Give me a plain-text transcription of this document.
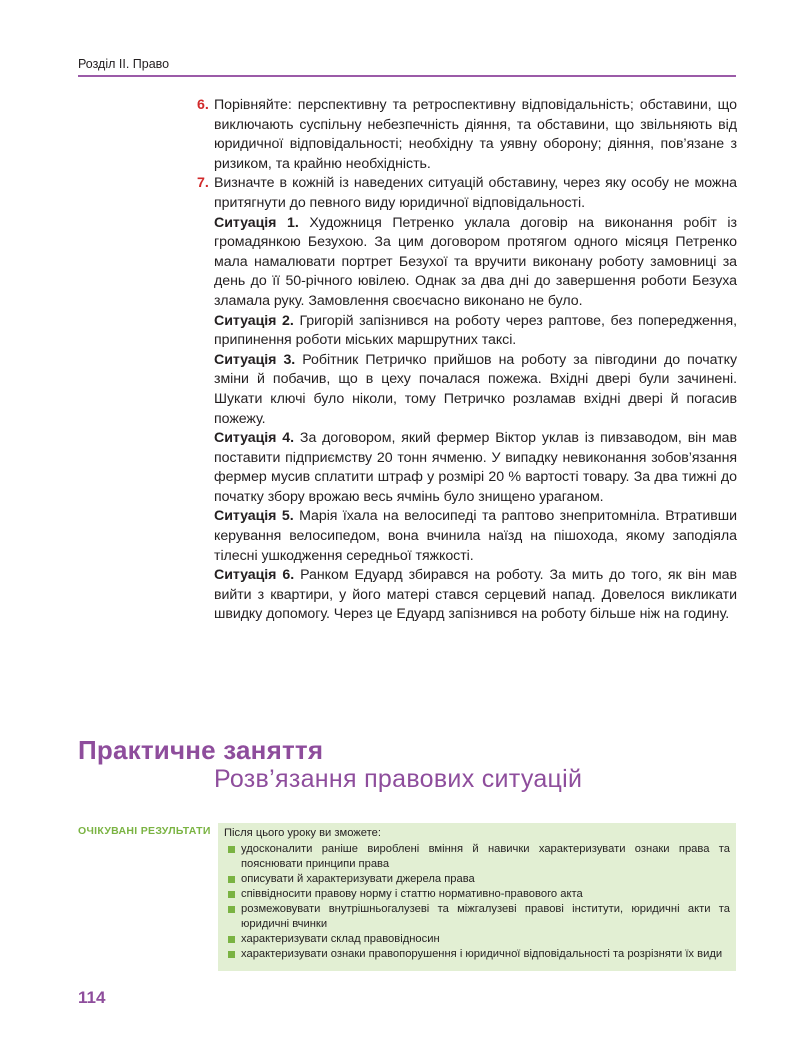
Розділ ІІ. Право
6. Порівняйте: перспективну та ретроспективну відповідальність; обставини, що виключають суспільну небезпечність діяння, та обставини, що звільняють від юридичної відповідальності; необхідну та уявну оборону; діяння, пов’язане з ризиком, та крайню необхідність.
7. Визначте в кожній із наведених ситуацій обставину, через яку особу не можна притягнути до певного виду юридичної відповідальності.
Ситуація 1. Художниця Петренко уклала договір на виконання робіт із громадянкою Безухою. За цим договором протягом одного місяця Петренко мала намалювати портрет Безухої та вручити виконану роботу замовниці за день до її 50-річного ювілею. Однак за два дні до завершення роботи Безуха зламала руку. Замовлення своєчасно виконано не було.
Ситуація 2. Григорій запізнився на роботу через раптове, без попередження, припинення роботи міських маршрутних таксі.
Ситуація 3. Робітник Петричко прийшов на роботу за півгодини до початку зміни й побачив, що в цеху почалася пожежа. Вхідні двері були зачинені. Шукати ключі було ніколи, тому Петричко розламав вхідні двері й погасив пожежу.
Ситуація 4. За договором, який фермер Віктор уклав із пивзаводом, він мав поставити підприємству 20 тонн ячменю. У випадку невиконання зобов’язання фермер мусив сплатити штраф у розмірі 20 % вартості товару. За два тижні до початку збору врожаю весь ячмінь було знищено ураганом.
Ситуація 5. Марія їхала на велосипеді та раптово знепритомніла. Втративши керування велосипедом, вона вчинила наїзд на пішохода, якому заподіяла тілесні ушкодження середньої тяжкості.
Ситуація 6. Ранком Едуард збирався на роботу. За мить до того, як він мав вийти з квартири, у його матері стався серцевий напад. Довелося викликати швидку допомогу. Через це Едуард запізнився на роботу більше ніж на годину.
Практичне заняття
Розв’язання правових ситуацій
ОЧІКУВАНІ РЕЗУЛЬТАТИ Після цього уроку ви зможете:
удосконалити раніше вироблені вміння й навички характеризувати ознаки права та пояснювати принципи права
описувати й характеризувати джерела права
співвідносити правову норму і статтю нормативно-правового акта
розмежовувати внутрішньогалузеві та міжгалузеві правові інститути, юридичні акти та юридичні вчинки
характеризувати склад правовідносин
характеризувати ознаки правопорушення і юридичної відповідальності та розрізняти їх види
114
